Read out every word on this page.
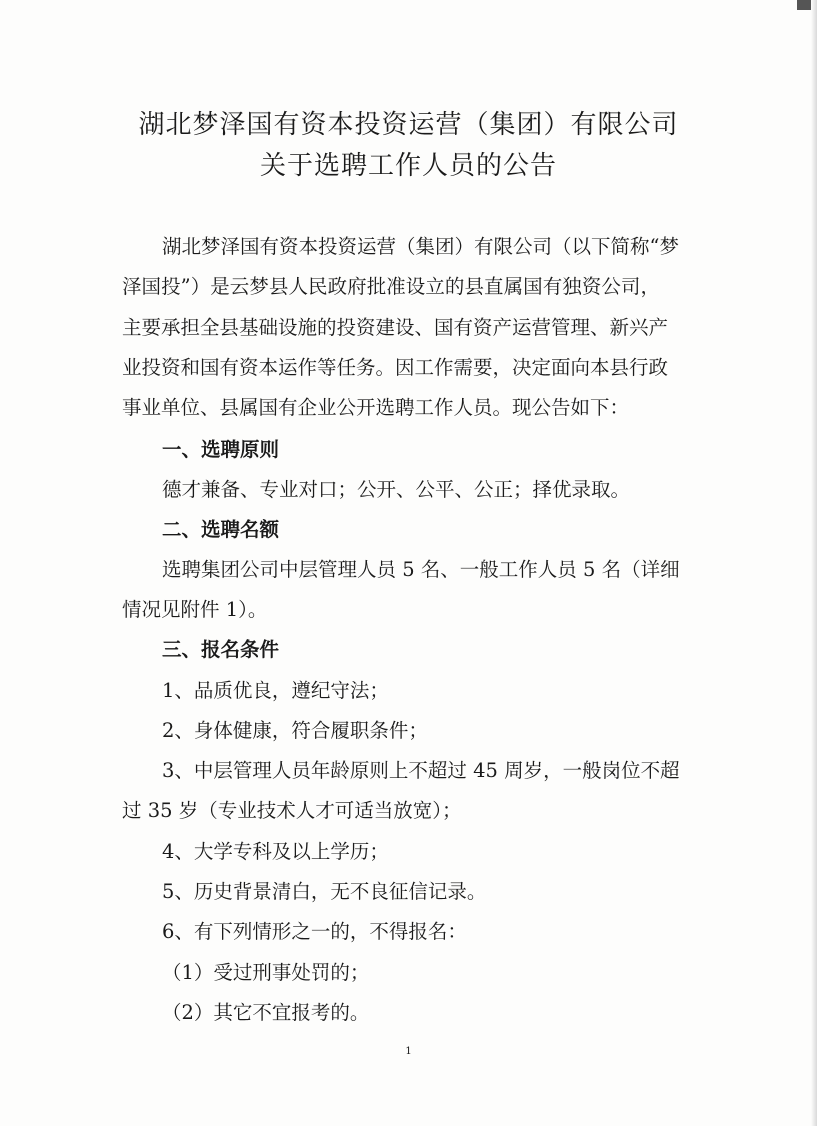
湖北梦泽国有资本投资运营（集团）有限公司
关于选聘工作人员的公告
湖北梦泽国有资本投资运营（集团）有限公司（以下简称“梦
泽国投”）是云梦县人民政府批准设立的县直属国有独资公司，
主要承担全县基础设施的投资建设、国有资产运营管理、新兴产
业投资和国有资本运作等任务。因工作需要，决定面向本县行政
事业单位、县属国有企业公开选聘工作人员。现公告如下：
一、选聘原则
德才兼备、专业对口；公开、公平、公正；择优录取。
二、选聘名额
选聘集团公司中层管理人员 5 名、一般工作人员 5 名（详细
情况见附件 1）。
三、报名条件
1、品质优良，遵纪守法；
2、身体健康，符合履职条件；
3、中层管理人员年龄原则上不超过 45 周岁，一般岗位不超
过 35 岁（专业技术人才可适当放宽）；
4、大学专科及以上学历；
5、历史背景清白，无不良征信记录。
6、有下列情形之一的，不得报名：
（1）受过刑事处罚的；
（2）其它不宜报考的。
1
